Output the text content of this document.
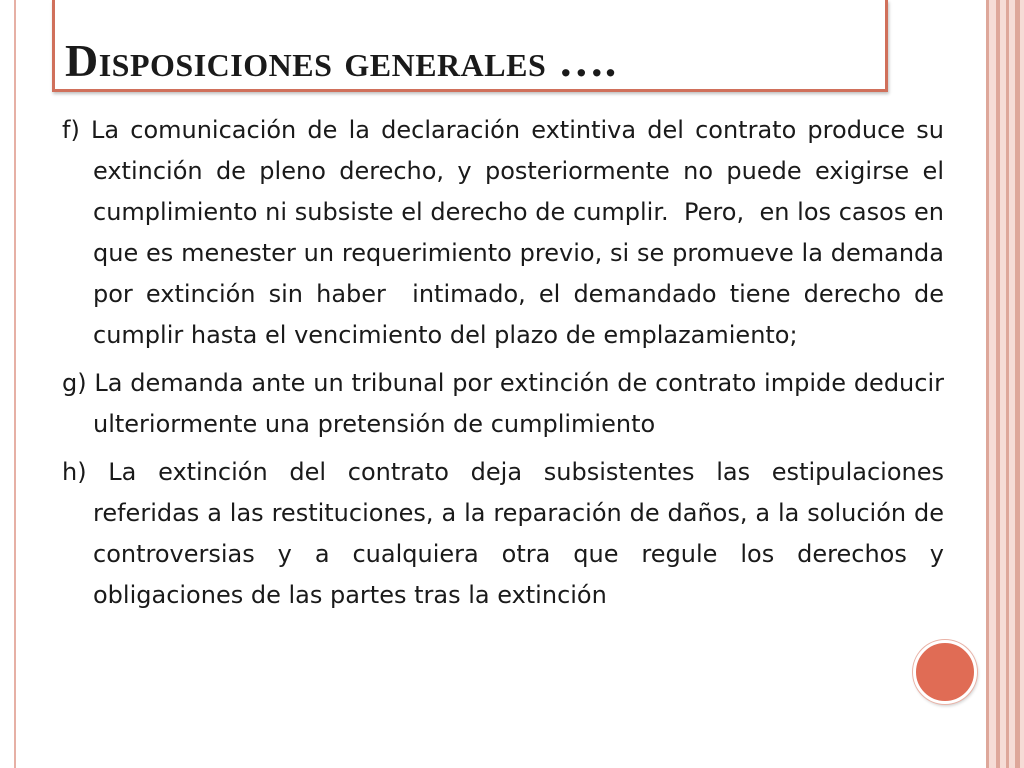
Disposiciones generales ….

f) La comunicación de la declaración extintiva del contrato produce su extinción de pleno derecho, y posteriormente no puede exigirse el cumplimiento ni subsiste el derecho de cumplir.  Pero,  en los casos en que es menester un requerimiento previo, si se promueve la demanda por extinción sin haber  intimado, el demandado tiene derecho de cumplir hasta el vencimiento del plazo de emplazamiento;

g) La demanda ante un tribunal por extinción de contrato impide deducir ulteriormente una pretensión de cumplimiento

h) La extinción del contrato deja subsistentes las estipulaciones referidas a las restituciones, a la reparación de daños, a la solución de controversias y a cualquiera otra que regule los derechos y obligaciones de las partes tras la extinción
